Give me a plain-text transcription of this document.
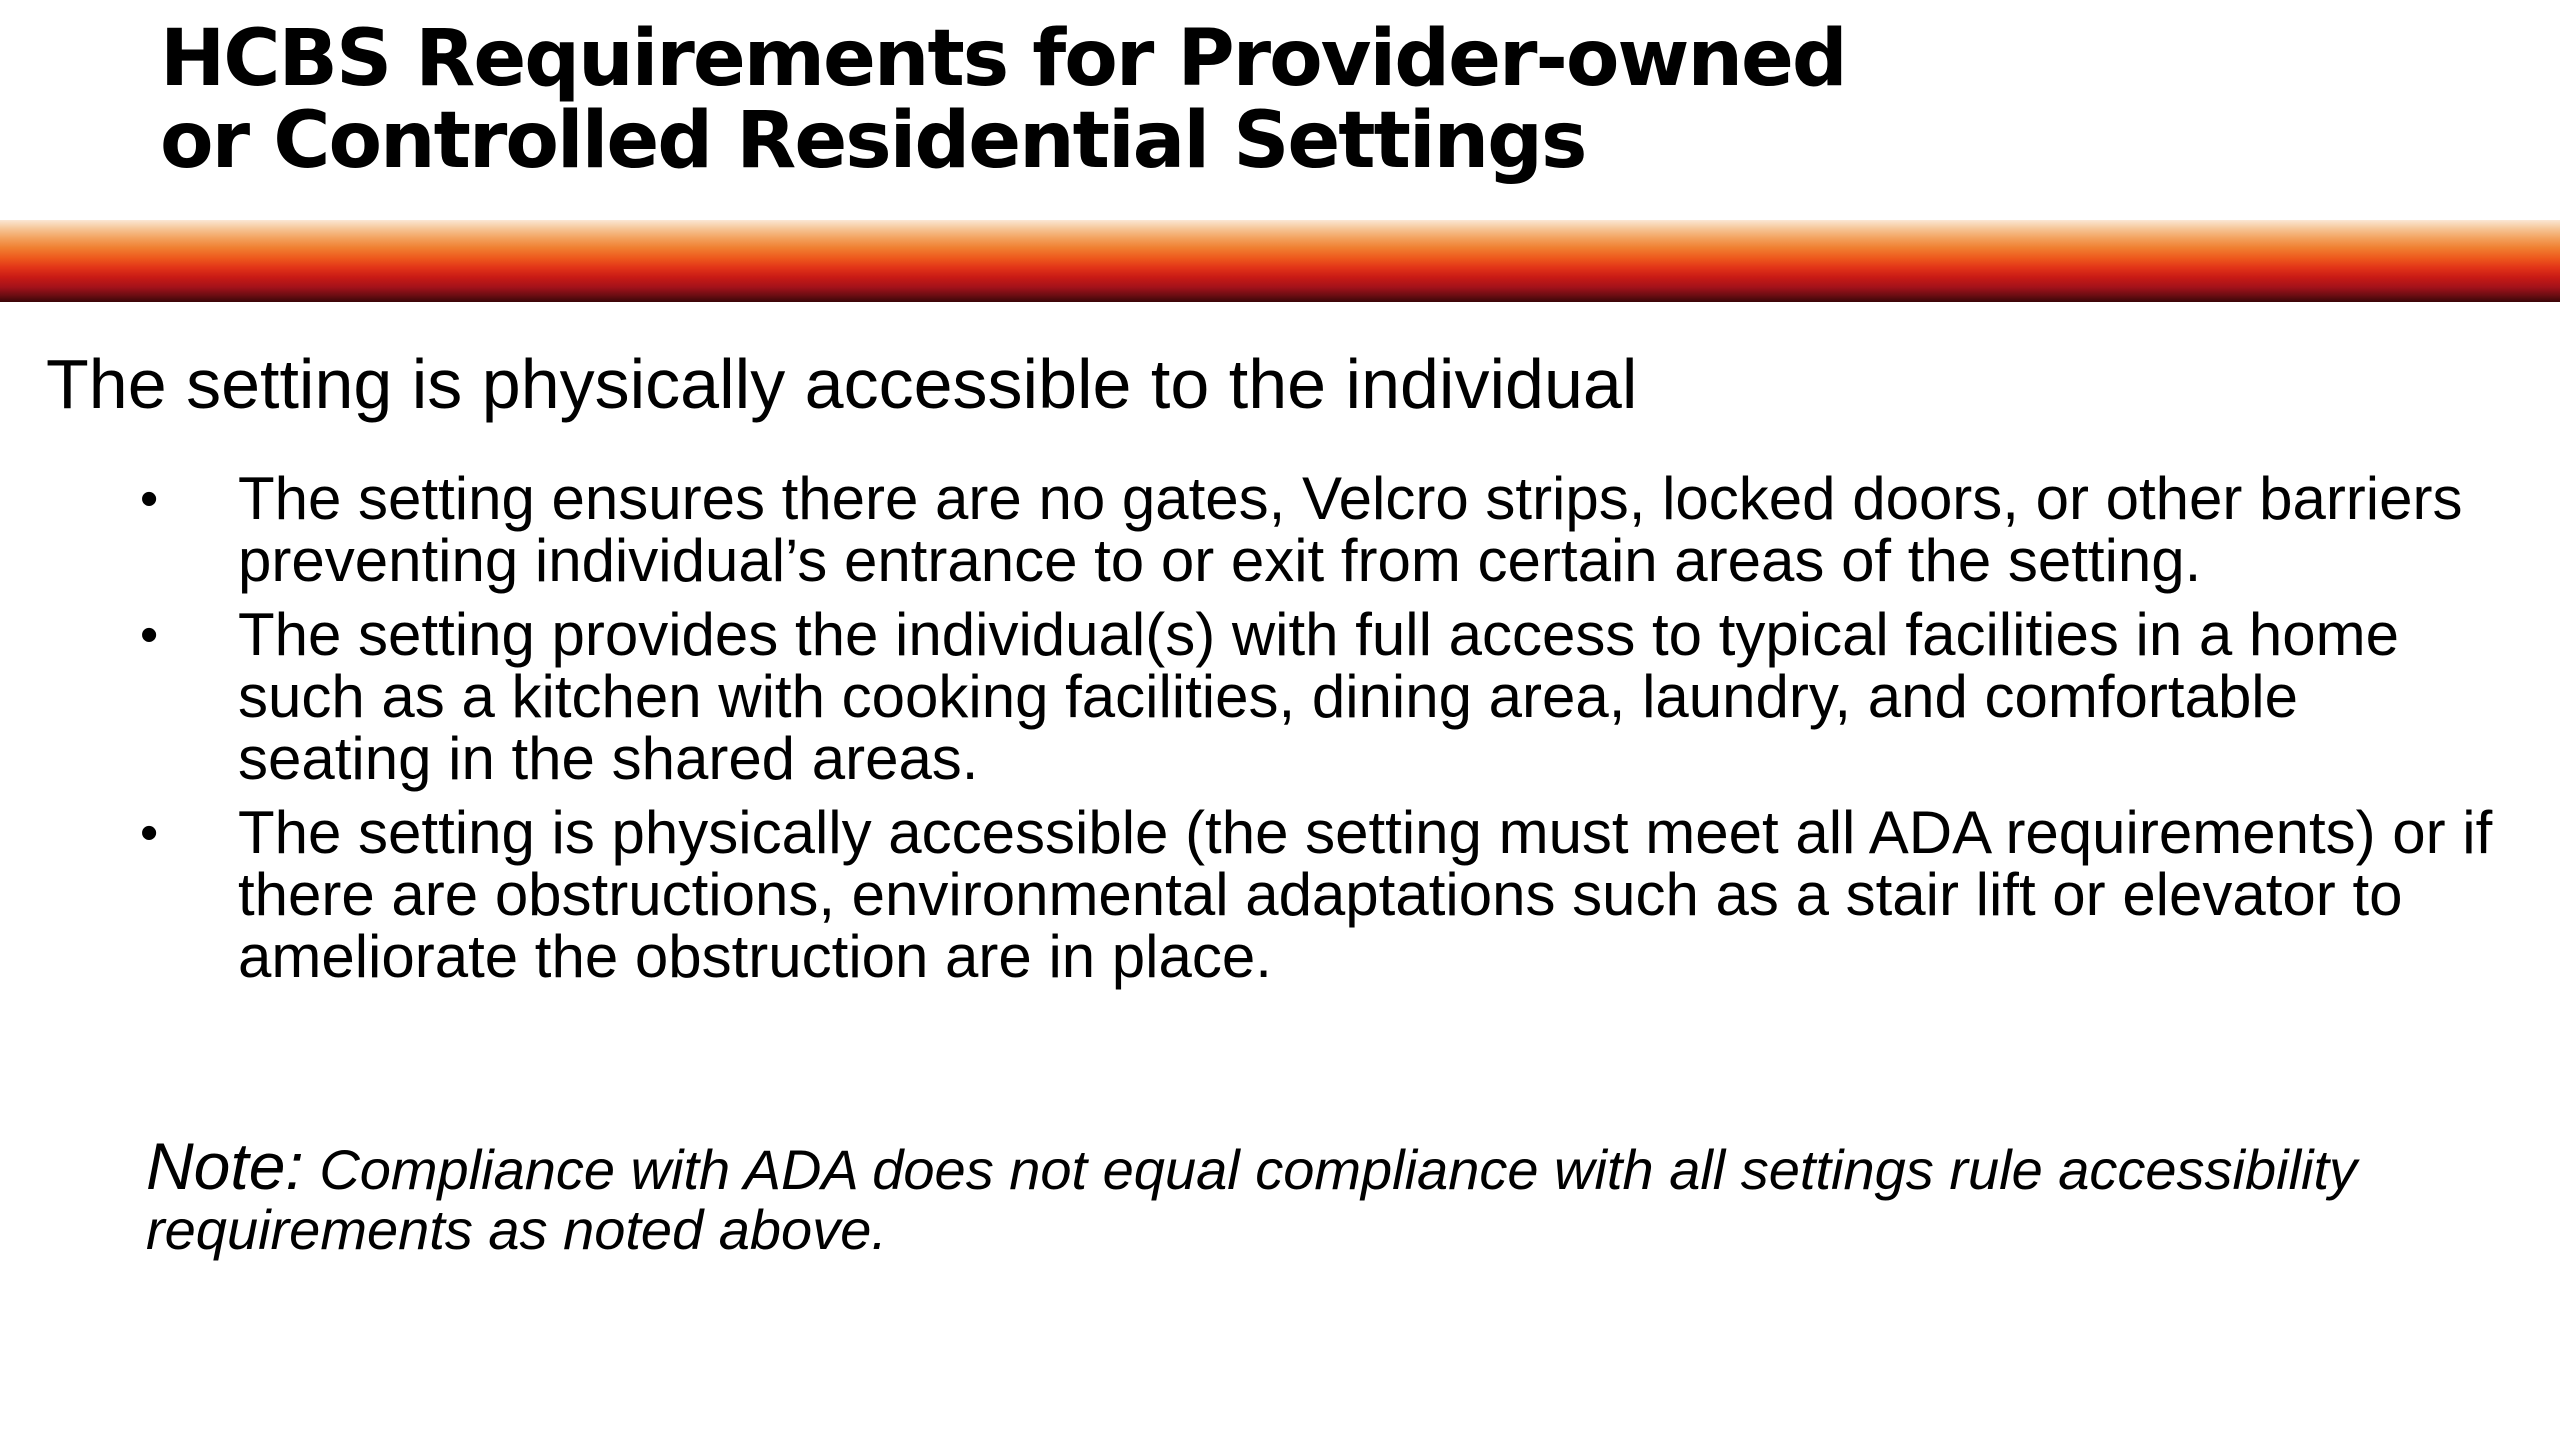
HCBS Requirements for Provider-owned
or Controlled Residential Settings
The setting is physically accessible to the individual
• The setting ensures there are no gates, Velcro strips, locked doors, or other barriers preventing individual’s entrance to or exit from certain areas of the setting.
• The setting provides the individual(s) with full access to typical facilities in a home such as a kitchen with cooking facilities, dining area, laundry, and comfortable seating in the shared areas.
• The setting is physically accessible (the setting must meet all ADA requirements) or if there are obstructions, environmental adaptations such as a stair lift or elevator to ameliorate the obstruction are in place.

Note: Compliance with ADA does not equal compliance with all settings rule accessibility requirements as noted above.
